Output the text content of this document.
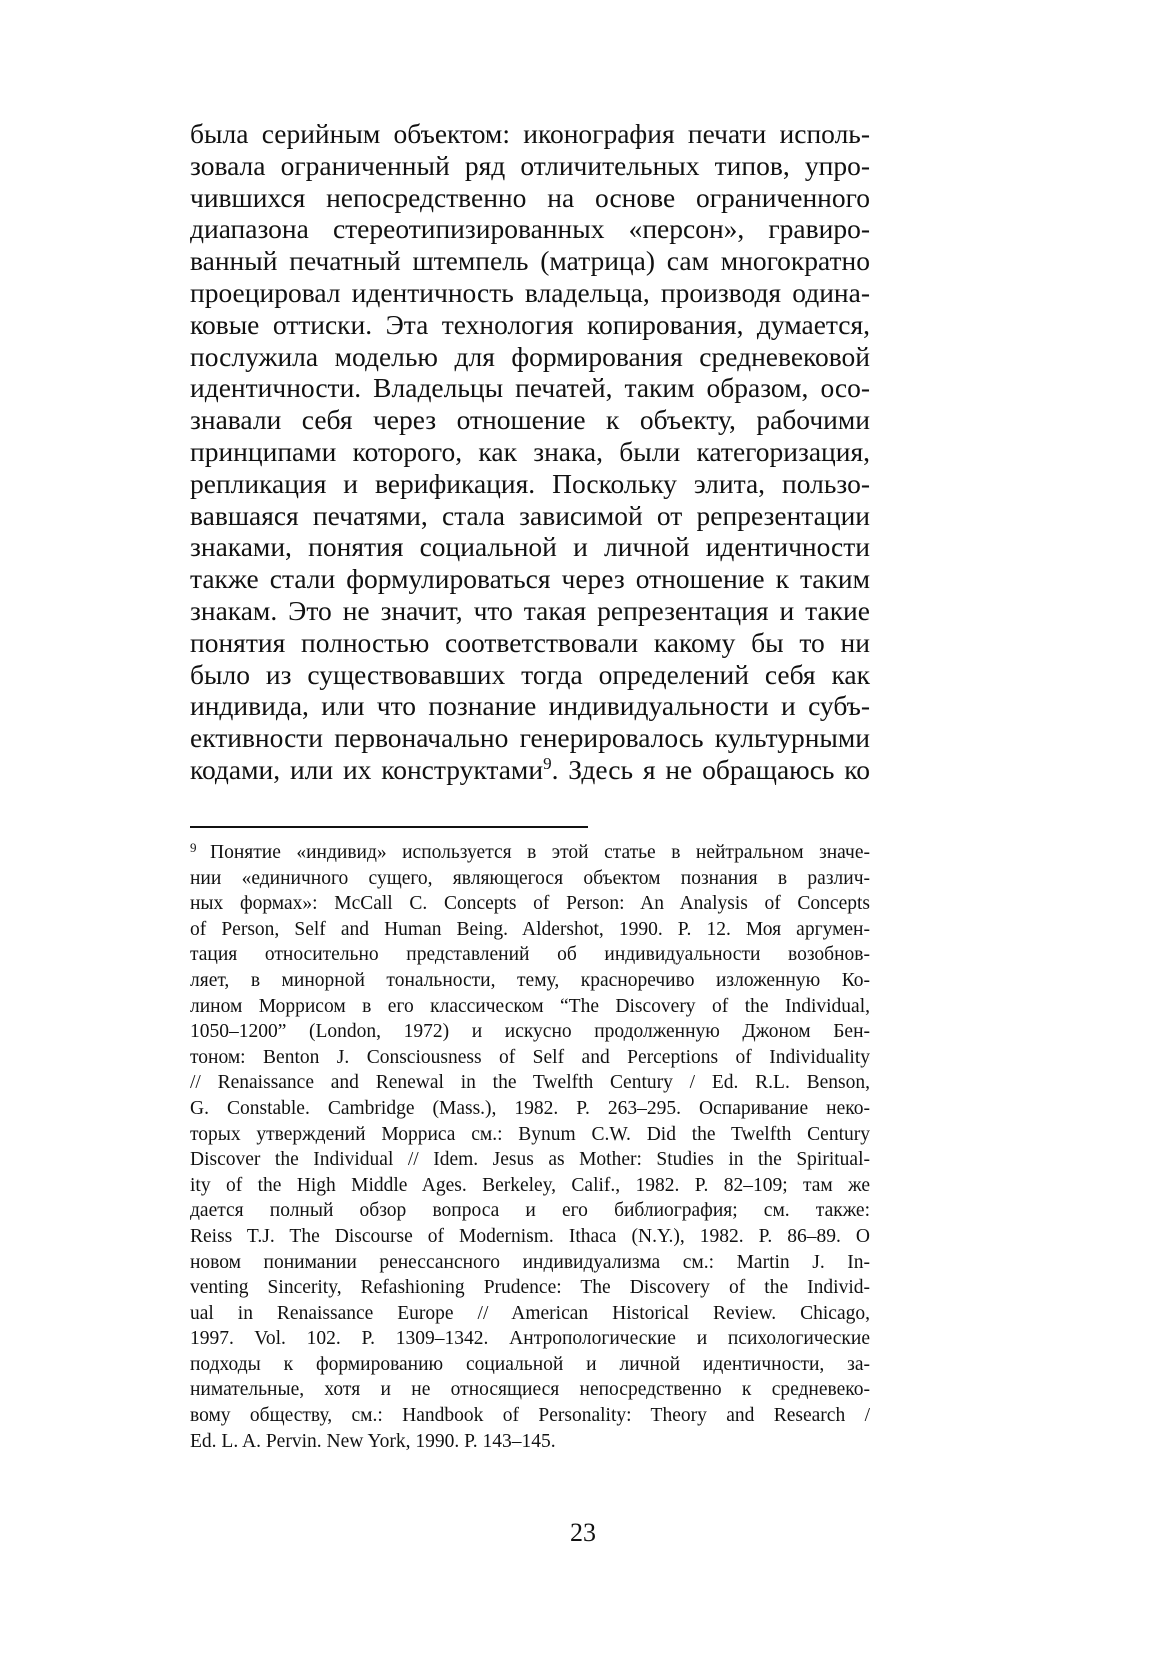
была серийным объектом: иконография печати исполь-
зовала ограниченный ряд отличительных типов, упро-
чившихся непосредственно на основе ограниченного
диапазона стереотипизированных «персон», гравиро-
ванный печатный штемпель (матрица) сам многократно
проецировал идентичность владельца, производя одина-
ковые оттиски. Эта технология копирования, думается,
послужила моделью для формирования средневековой
идентичности. Владельцы печатей, таким образом, осо-
знавали себя через отношение к объекту, рабочими
принципами которого, как знака, были категоризация,
репликация и верификация. Поскольку элита, пользо-
вавшаяся печатями, стала зависимой от репрезентации
знаками, понятия социальной и личной идентичности
также стали формулироваться через отношение к таким
знакам. Это не значит, что такая репрезентация и такие
понятия полностью соответствовали какому бы то ни
было из существовавших тогда определений себя как
индивида, или что познание индивидуальности и субъ-
ективности первоначально генерировалось культурными
кодами, или их конструктами$^9$. Здесь я не обращаюсь ко
9 Понятие «индивид» используется в этой статье в нейтральном значе-
нии «единичного сущего, являющегося объектом познания в различ-
ных формах»: McCall C. Concepts of Person: An Analysis of Concepts
of Person, Self and Human Being. Aldershot, 1990. P. 12. Моя аргумен-
тация относительно представлений об индивидуальности возобнов-
ляет, в минорной тональности, тему, красноречиво изложенную Ко-
лином Моррисом в его классическом “The Discovery of the Individual,
1050–1200” (London, 1972) и искусно продолженную Джоном Бен-
тоном: Benton J. Consciousness of Self and Perceptions of Individuality
// Renaissance and Renewal in the Twelfth Century / Ed. R.L. Benson,
G. Constable. Cambridge (Mass.), 1982. P. 263–295. Оспаривание неко-
торых утверждений Морриса см.: Bynum C.W. Did the Twelfth Century
Discover the Individual // Idem. Jesus as Mother: Studies in the Spiritual-
ity of the High Middle Ages. Berkeley, Calif., 1982. P. 82–109; там же
дается полный обзор вопроса и его библиография; см. также:
Reiss T.J. The Discourse of Modernism. Ithaca (N.Y.), 1982. P. 86–89. О
новом понимании ренессансного индивидуализма см.: Martin J. In-
venting Sincerity, Refashioning Prudence: The Discovery of the Individ-
ual in Renaissance Europe // American Historical Review. Chicago,
1997. Vol. 102. P. 1309–1342. Антропологические и психологические
подходы к формированию социальной и личной идентичности, за-
нимательные, хотя и не относящиеся непосредственно к средневеко-
вому обществу, см.: Handbook of Personality: Theory and Research /
Ed. L. A. Pervin. New York, 1990. P. 143–145.
23
